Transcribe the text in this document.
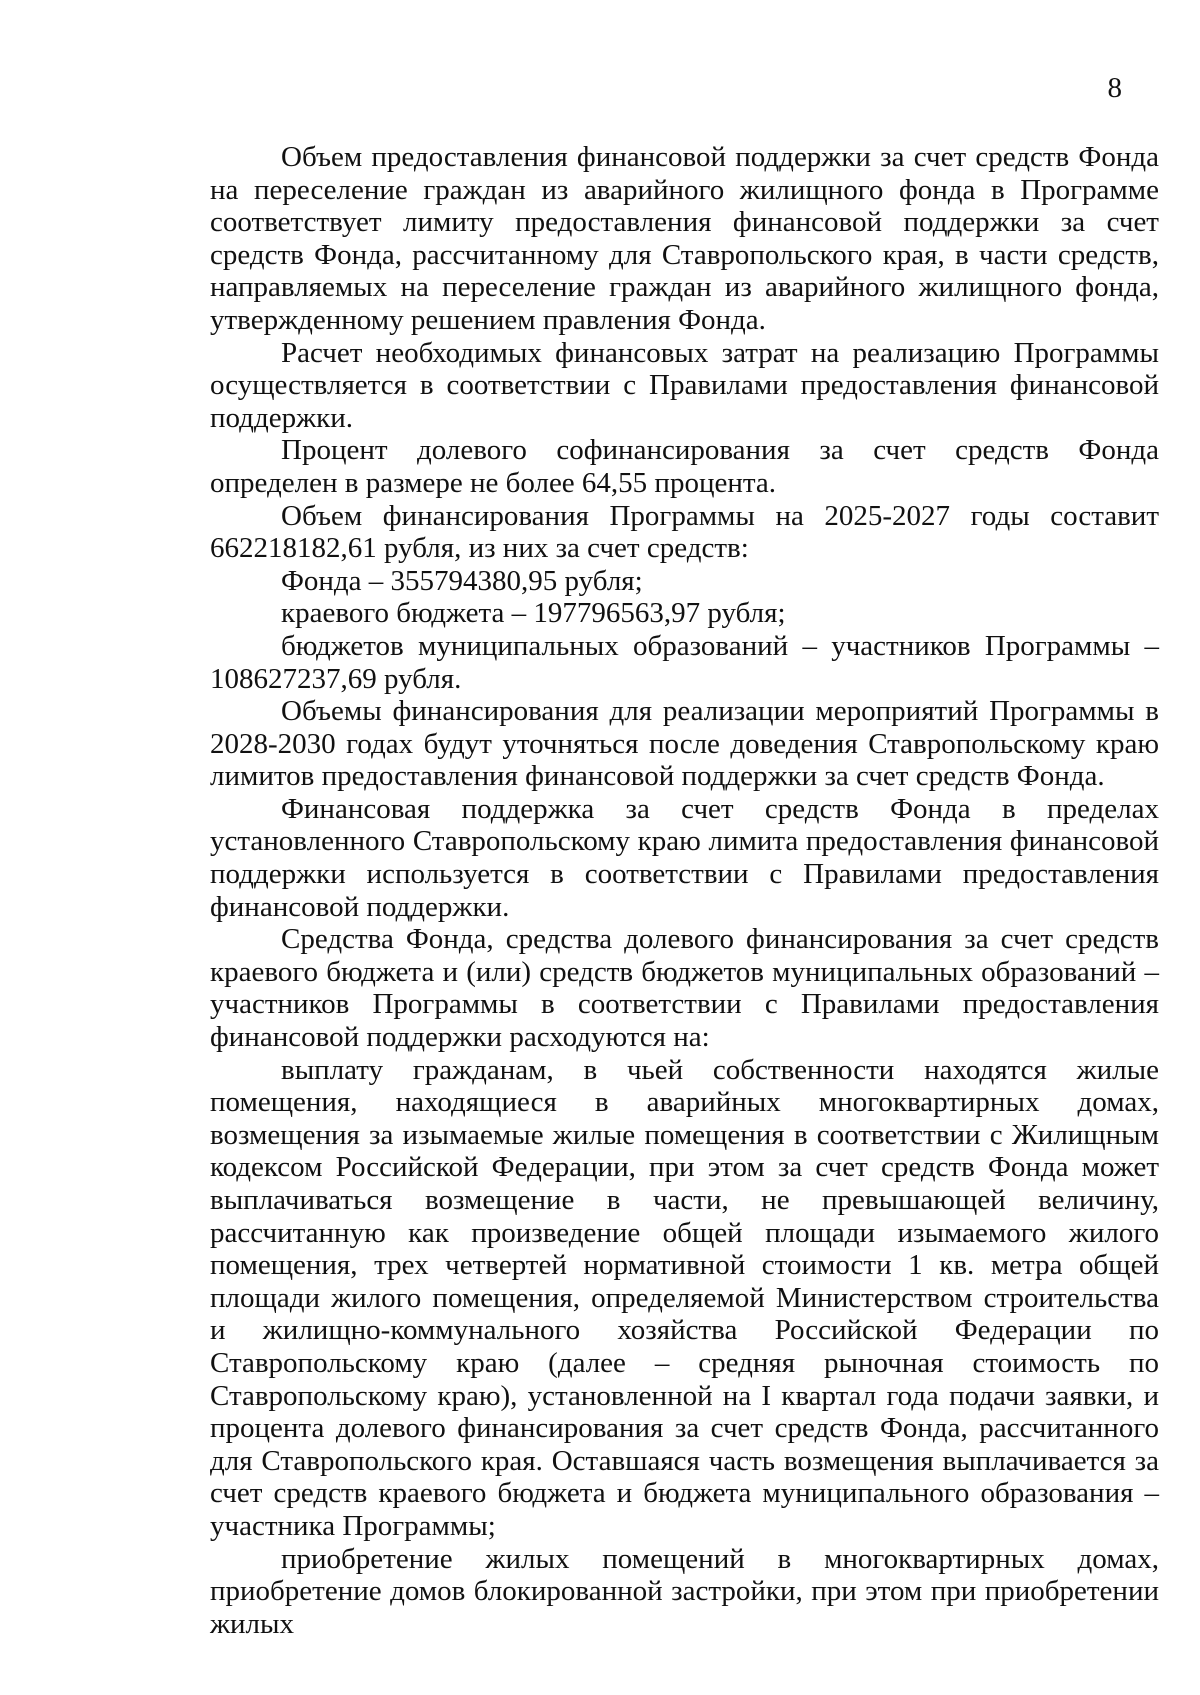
8

Объем предоставления финансовой поддержки за счет средств Фонда на переселение граждан из аварийного жилищного фонда в Программе соответствует лимиту предоставления финансовой поддержки за счет средств Фонда, рассчитанному для Ставропольского края, в части средств, направляемых на переселение граждан из аварийного жилищного фонда, утвержденному решением правления Фонда.

Расчет необходимых финансовых затрат на реализацию Программы осуществляется в соответствии с Правилами предоставления финансовой поддержки.

Процент долевого софинансирования за счет средств Фонда определен в размере не более 64,55 процента.

Объем финансирования Программы на 2025-2027 годы составит 662218182,61 рубля, из них за счет средств:

Фонда – 355794380,95 рубля;

краевого бюджета – 197796563,97 рубля;

бюджетов муниципальных образований – участников Программы – 108627237,69 рубля.

Объемы финансирования для реализации мероприятий Программы в 2028-2030 годах будут уточняться после доведения Ставропольскому краю лимитов предоставления финансовой поддержки за счет средств Фонда.

Финансовая поддержка за счет средств Фонда в пределах установленного Ставропольскому краю лимита предоставления финансовой поддержки используется в соответствии с Правилами предоставления финансовой поддержки.

Средства Фонда, средства долевого финансирования за счет средств краевого бюджета и (или) средств бюджетов муниципальных образований – участников Программы в соответствии с Правилами предоставления финансовой поддержки расходуются на:

выплату гражданам, в чьей собственности находятся жилые помещения, находящиеся в аварийных многоквартирных домах, возмещения за изымаемые жилые помещения в соответствии с Жилищным кодексом Российской Федерации, при этом за счет средств Фонда может выплачиваться возмещение в части, не превышающей величину, рассчитанную как произведение общей площади изымаемого жилого помещения, трех четвертей нормативной стоимости 1 кв. метра общей площади жилого помещения, определяемой Министерством строительства и жилищно-коммунального хозяйства Российской Федерации по Ставропольскому краю (далее – средняя рыночная стоимость по Ставропольскому краю), установленной на I квартал года подачи заявки, и процента долевого финансирования за счет средств Фонда, рассчитанного для Ставропольского края. Оставшаяся часть возмещения выплачивается за счет средств краевого бюджета и бюджета муниципального образования – участника Программы;

приобретение жилых помещений в многоквартирных домах, приобретение домов блокированной застройки, при этом при приобретении жилых
